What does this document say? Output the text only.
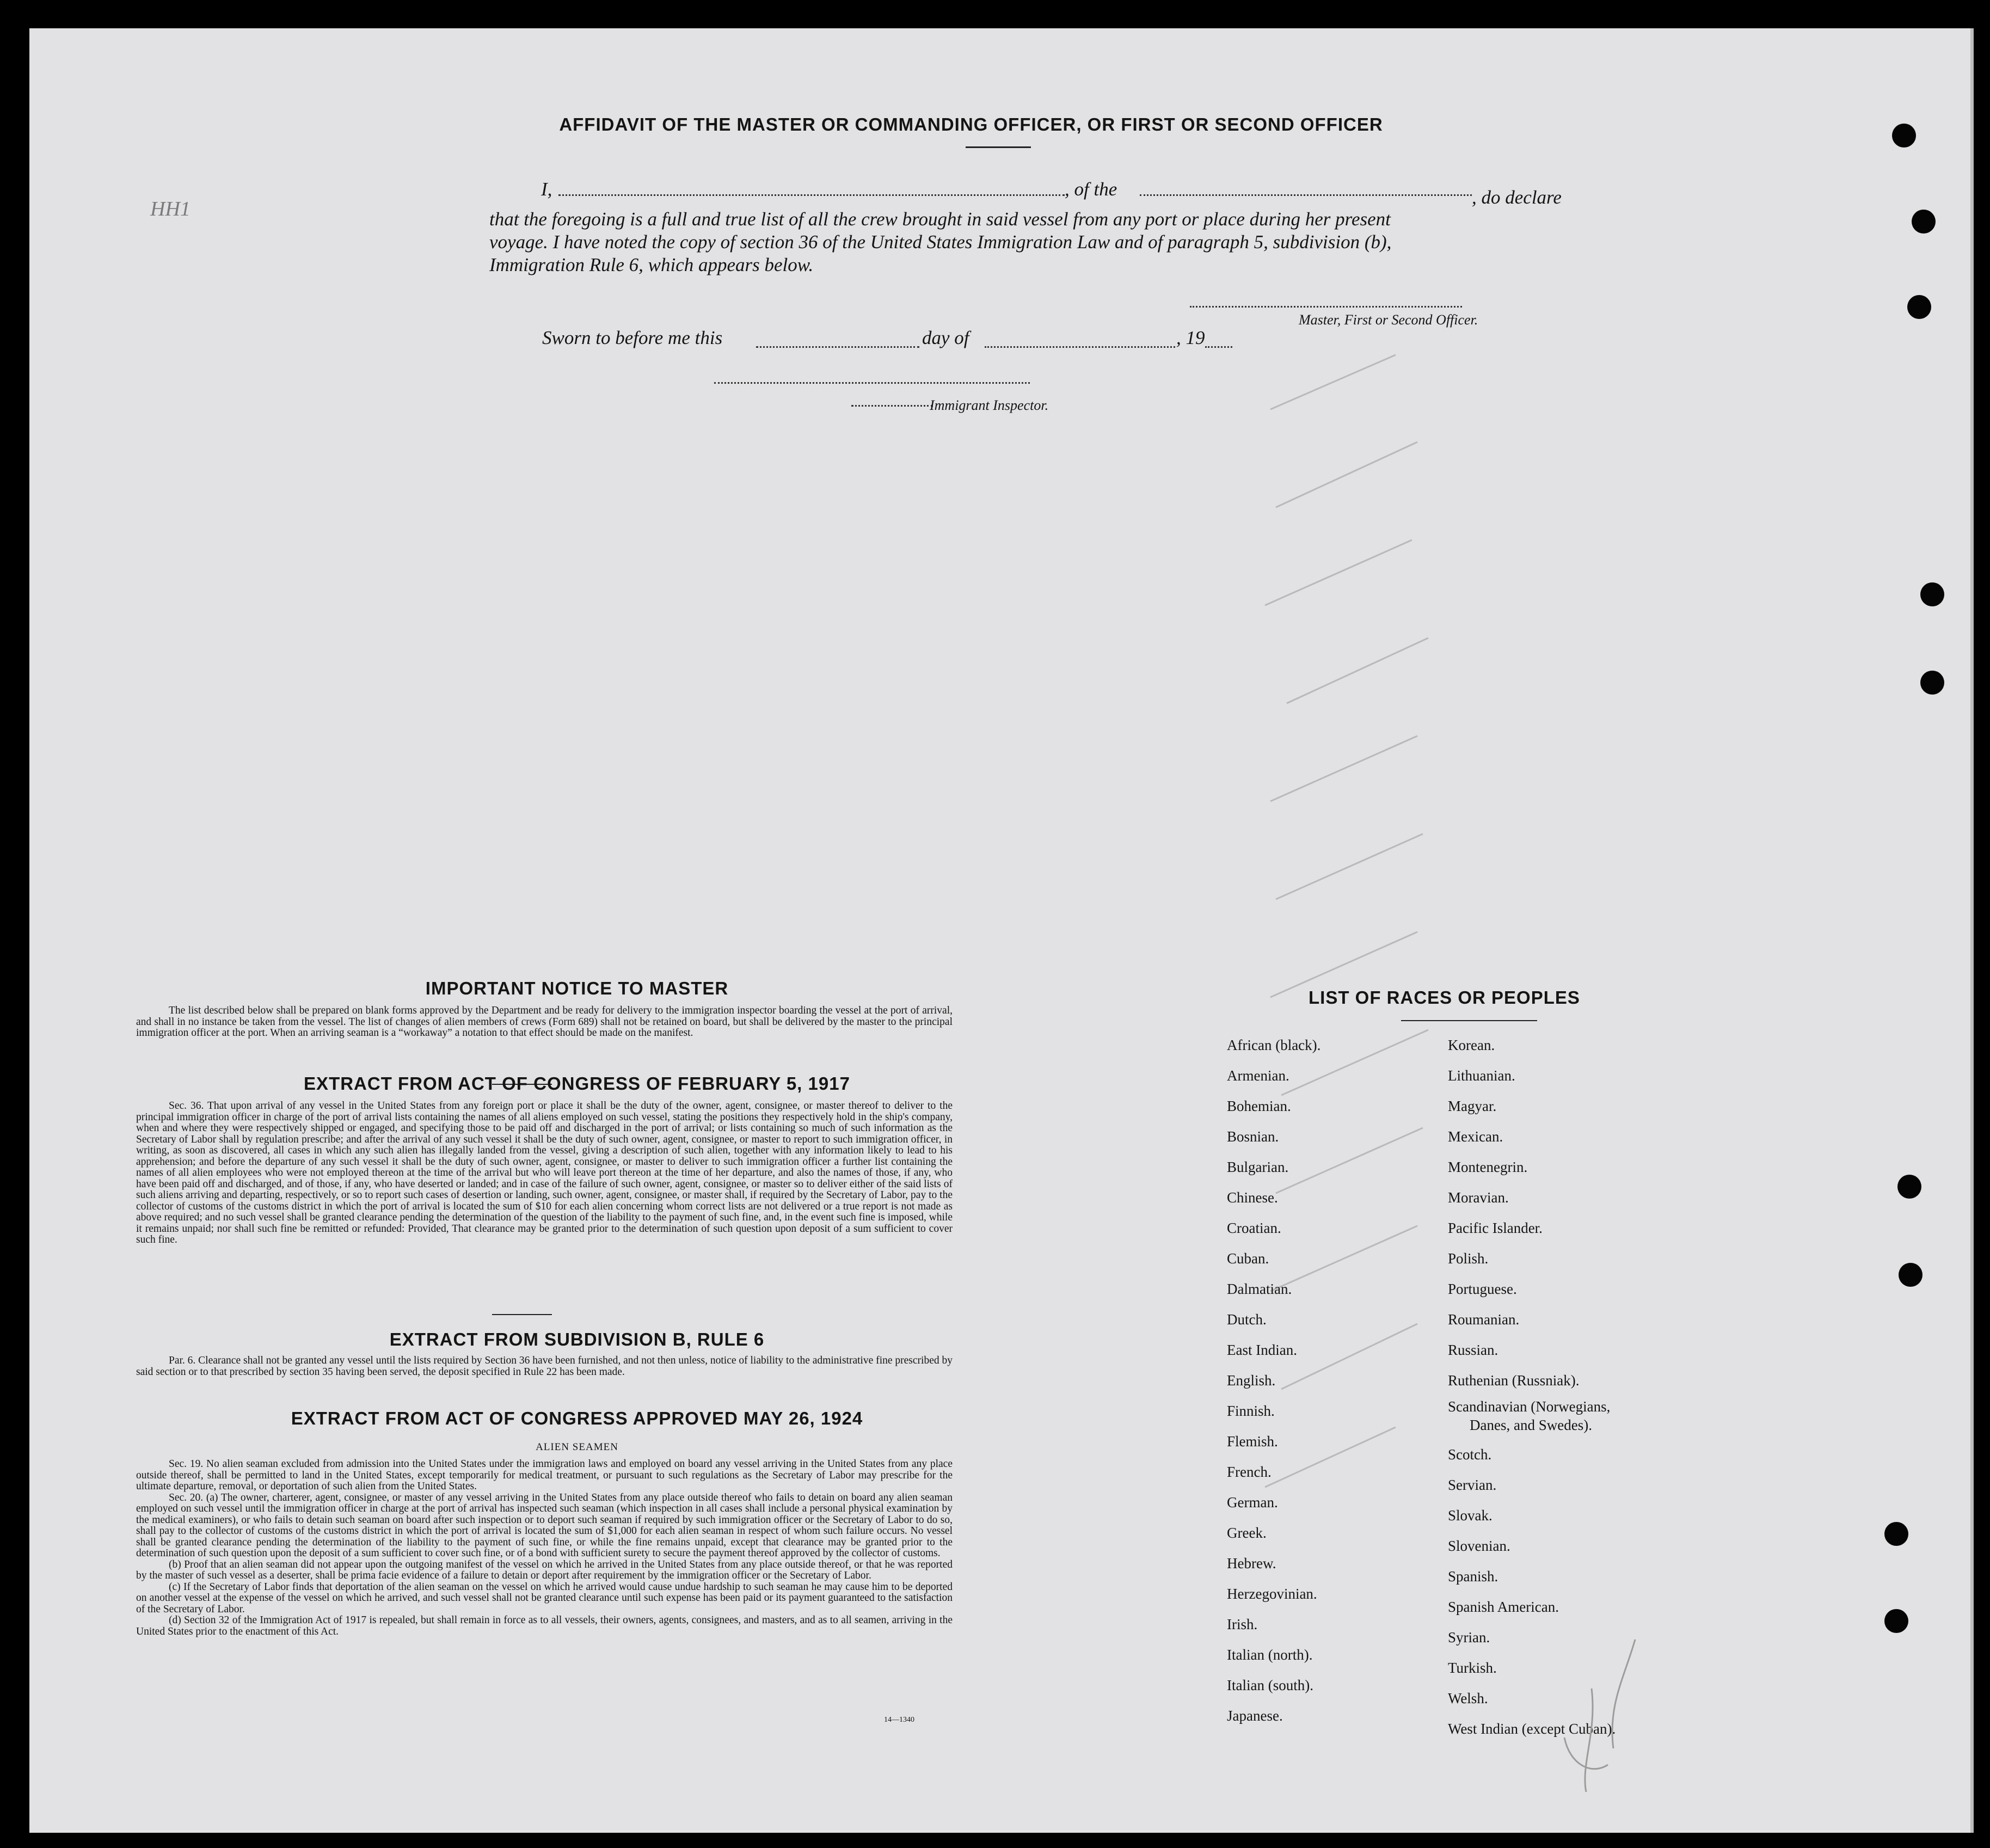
HH1
AFFIDAVIT OF THE MASTER OR COMMANDING OFFICER, OR FIRST OR SECOND OFFICER
I,	, of the	, do declare
that the foregoing is a full and true list of all the crew brought in said vessel from any port or place during her present
voyage. I have noted the copy of section 36 of the United States Immigration Law and of paragraph 5, subdivision (b),
Immigration Rule 6, which appears below.
Master, First or Second Officer.
Sworn to before me this	day of	, 19
Immigrant Inspector.
IMPORTANT NOTICE TO MASTER

The list described below shall be prepared on blank forms approved by the Department and be ready for delivery to the immigration inspector boarding the vessel at the port of arrival, and shall in no instance be taken from the vessel. The list of changes of alien members of crews (Form 689) shall not be retained on board, but shall be delivered by the master to the principal immigration officer at the port. When an arriving seaman is a “workaway” a notation to that effect should be made on the manifest.

EXTRACT FROM ACT OF CONGRESS OF FEBRUARY 5, 1917

Sec. 36. That upon arrival of any vessel in the United States from any foreign port or place it shall be the duty of the owner, agent, consignee, or master thereof to deliver to the principal immigration officer in charge of the port of arrival lists containing the names of all aliens employed on such vessel, stating the positions they respectively hold in the ship's company, when and where they were respectively shipped or engaged, and specifying those to be paid off and discharged in the port of arrival; or lists containing so much of such information as the Secretary of Labor shall by regulation prescribe; and after the arrival of any such vessel it shall be the duty of such owner, agent, consignee, or master to report to such immigration officer, in writing, as soon as discovered, all cases in which any such alien has illegally landed from the vessel, giving a description of such alien, together with any information likely to lead to his apprehension; and before the departure of any such vessel it shall be the duty of such owner, agent, consignee, or master to deliver to such immigration officer a further list containing the names of all alien employees who were not employed thereon at the time of the arrival but who will leave port thereon at the time of her departure, and also the names of those, if any, who have been paid off and discharged, and of those, if any, who have deserted or landed; and in case of the failure of such owner, agent, consignee, or master so to deliver either of the said lists of such aliens arriving and departing, respectively, or so to report such cases of desertion or landing, such owner, agent, consignee, or master shall, if required by the Secretary of Labor, pay to the collector of customs of the customs district in which the port of arrival is located the sum of $10 for each alien concerning whom correct lists are not delivered or a true report is not made as above required; and no such vessel shall be granted clearance pending the determination of the question of the liability to the payment of such fine, and, in the event such fine is imposed, while it remains unpaid; nor shall such fine be remitted or refunded: Provided, That clearance may be granted prior to the determination of such question upon deposit of a sum sufficient to cover such fine.

EXTRACT FROM SUBDIVISION B, RULE 6

Par. 6. Clearance shall not be granted any vessel until the lists required by Section 36 have been furnished, and not then unless, notice of liability to the administrative fine prescribed by said section or to that prescribed by section 35 having been served, the deposit specified in Rule 22 has been made.

EXTRACT FROM ACT OF CONGRESS APPROVED MAY 26, 1924
ALIEN SEAMEN

Sec. 19. No alien seaman excluded from admission into the United States under the immigration laws and employed on board any vessel arriving in the United States from any place outside thereof, shall be permitted to land in the United States, except temporarily for medical treatment, or pursuant to such regulations as the Secretary of Labor may prescribe for the ultimate departure, removal, or deportation of such alien from the United States.

Sec. 20. (a) The owner, charterer, agent, consignee, or master of any vessel arriving in the United States from any place outside thereof who fails to detain on board any alien seaman employed on such vessel until the immigration officer in charge at the port of arrival has inspected such seaman (which inspection in all cases shall include a personal physical examination by the medical examiners), or who fails to detain such seaman on board after such inspection or to deport such seaman if required by such immigration officer or the Secretary of Labor to do so, shall pay to the collector of customs of the customs district in which the port of arrival is located the sum of $1,000 for each alien seaman in respect of whom such failure occurs. No vessel shall be granted clearance pending the determination of the liability to the payment of such fine, or while the fine remains unpaid, except that clearance may be granted prior to the determination of such question upon the deposit of a sum sufficient to cover such fine, or of a bond with sufficient surety to secure the payment thereof approved by the collector of customs.

(b) Proof that an alien seaman did not appear upon the outgoing manifest of the vessel on which he arrived in the United States from any place outside thereof, or that he was reported by the master of such vessel as a deserter, shall be prima facie evidence of a failure to detain or deport after requirement by the immigration officer or the Secretary of Labor.

(c) If the Secretary of Labor finds that deportation of the alien seaman on the vessel on which he arrived would cause undue hardship to such seaman he may cause him to be deported on another vessel at the expense of the vessel on which he arrived, and such vessel shall not be granted clearance until such expense has been paid or its payment guaranteed to the satisfaction of the Secretary of Labor.

(d) Section 32 of the Immigration Act of 1917 is repealed, but shall remain in force as to all vessels, their owners, agents, consignees, and masters, and as to all seamen, arriving in the United States prior to the enactment of this Act.

14—1340
LIST OF RACES OR PEOPLES
African (black).
Armenian.
Bohemian.
Bosnian.
Bulgarian.
Chinese.
Croatian.
Cuban.
Dalmatian.
Dutch.
East Indian.
English.
Finnish.
Flemish.
French.
German.
Greek.
Hebrew.
Herzegovinian.
Irish.
Italian (north).
Italian (south).
Japanese.
Korean.
Lithuanian.
Magyar.
Mexican.
Montenegrin.
Moravian.
Pacific Islander.
Polish.
Portuguese.
Roumanian.
Russian.
Ruthenian (Russniak).
Scandinavian (Norwegians,
Danes, and Swedes).
Scotch.
Servian.
Slovak.
Slovenian.
Spanish.
Spanish American.
Syrian.
Turkish.
Welsh.
West Indian (except Cuban).
